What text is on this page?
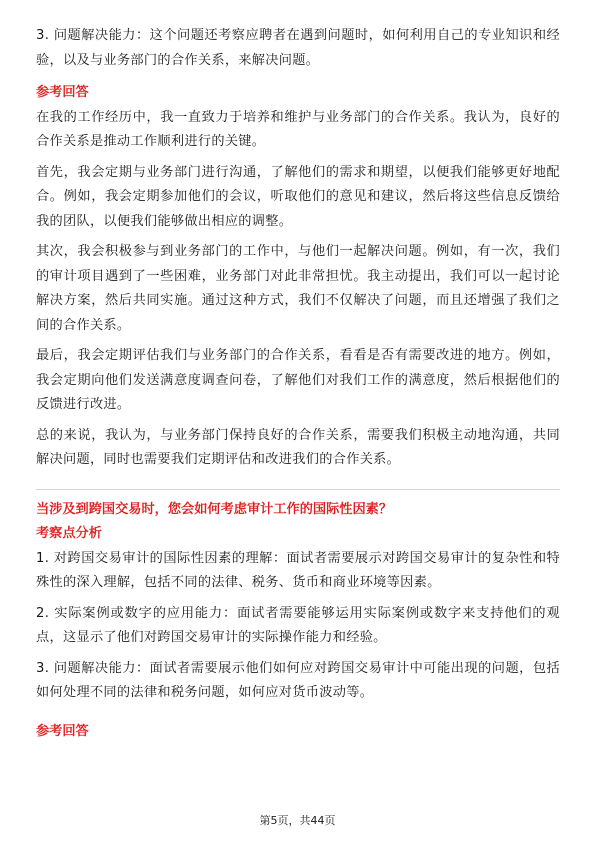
3. 问题解决能力：这个问题还考察应聘者在遇到问题时，如何利用自己的专业知识和经验，以及与业务部门的合作关系，来解决问题。

参考回答

在我的工作经历中，我一直致力于培养和维护与业务部门的合作关系。我认为，良好的合作关系是推动工作顺利进行的关键。

首先，我会定期与业务部门进行沟通，了解他们的需求和期望，以便我们能够更好地配合。例如，我会定期参加他们的会议，听取他们的意见和建议，然后将这些信息反馈给我的团队，以便我们能够做出相应的调整。

其次，我会积极参与到业务部门的工作中，与他们一起解决问题。例如，有一次，我们的审计项目遇到了一些困难，业务部门对此非常担忧。我主动提出，我们可以一起讨论解决方案，然后共同实施。通过这种方式，我们不仅解决了问题，而且还增强了我们之间的合作关系。

最后，我会定期评估我们与业务部门的合作关系，看看是否有需要改进的地方。例如，我会定期向他们发送满意度调查问卷，了解他们对我们工作的满意度，然后根据他们的反馈进行改进。

总的来说，我认为，与业务部门保持良好的合作关系，需要我们积极主动地沟通，共同解决问题，同时也需要我们定期评估和改进我们的合作关系。

当涉及到跨国交易时，您会如何考虑审计工作的国际性因素？

考察点分析

1. 对跨国交易审计的国际性因素的理解：面试者需要展示对跨国交易审计的复杂性和特殊性的深入理解，包括不同的法律、税务、货币和商业环境等因素。

2. 实际案例或数字的应用能力：面试者需要能够运用实际案例或数字来支持他们的观点，这显示了他们对跨国交易审计的实际操作能力和经验。

3. 问题解决能力：面试者需要展示他们如何应对跨国交易审计中可能出现的问题，包括如何处理不同的法律和税务问题，如何应对货币波动等。

参考回答

第5页，共44页
